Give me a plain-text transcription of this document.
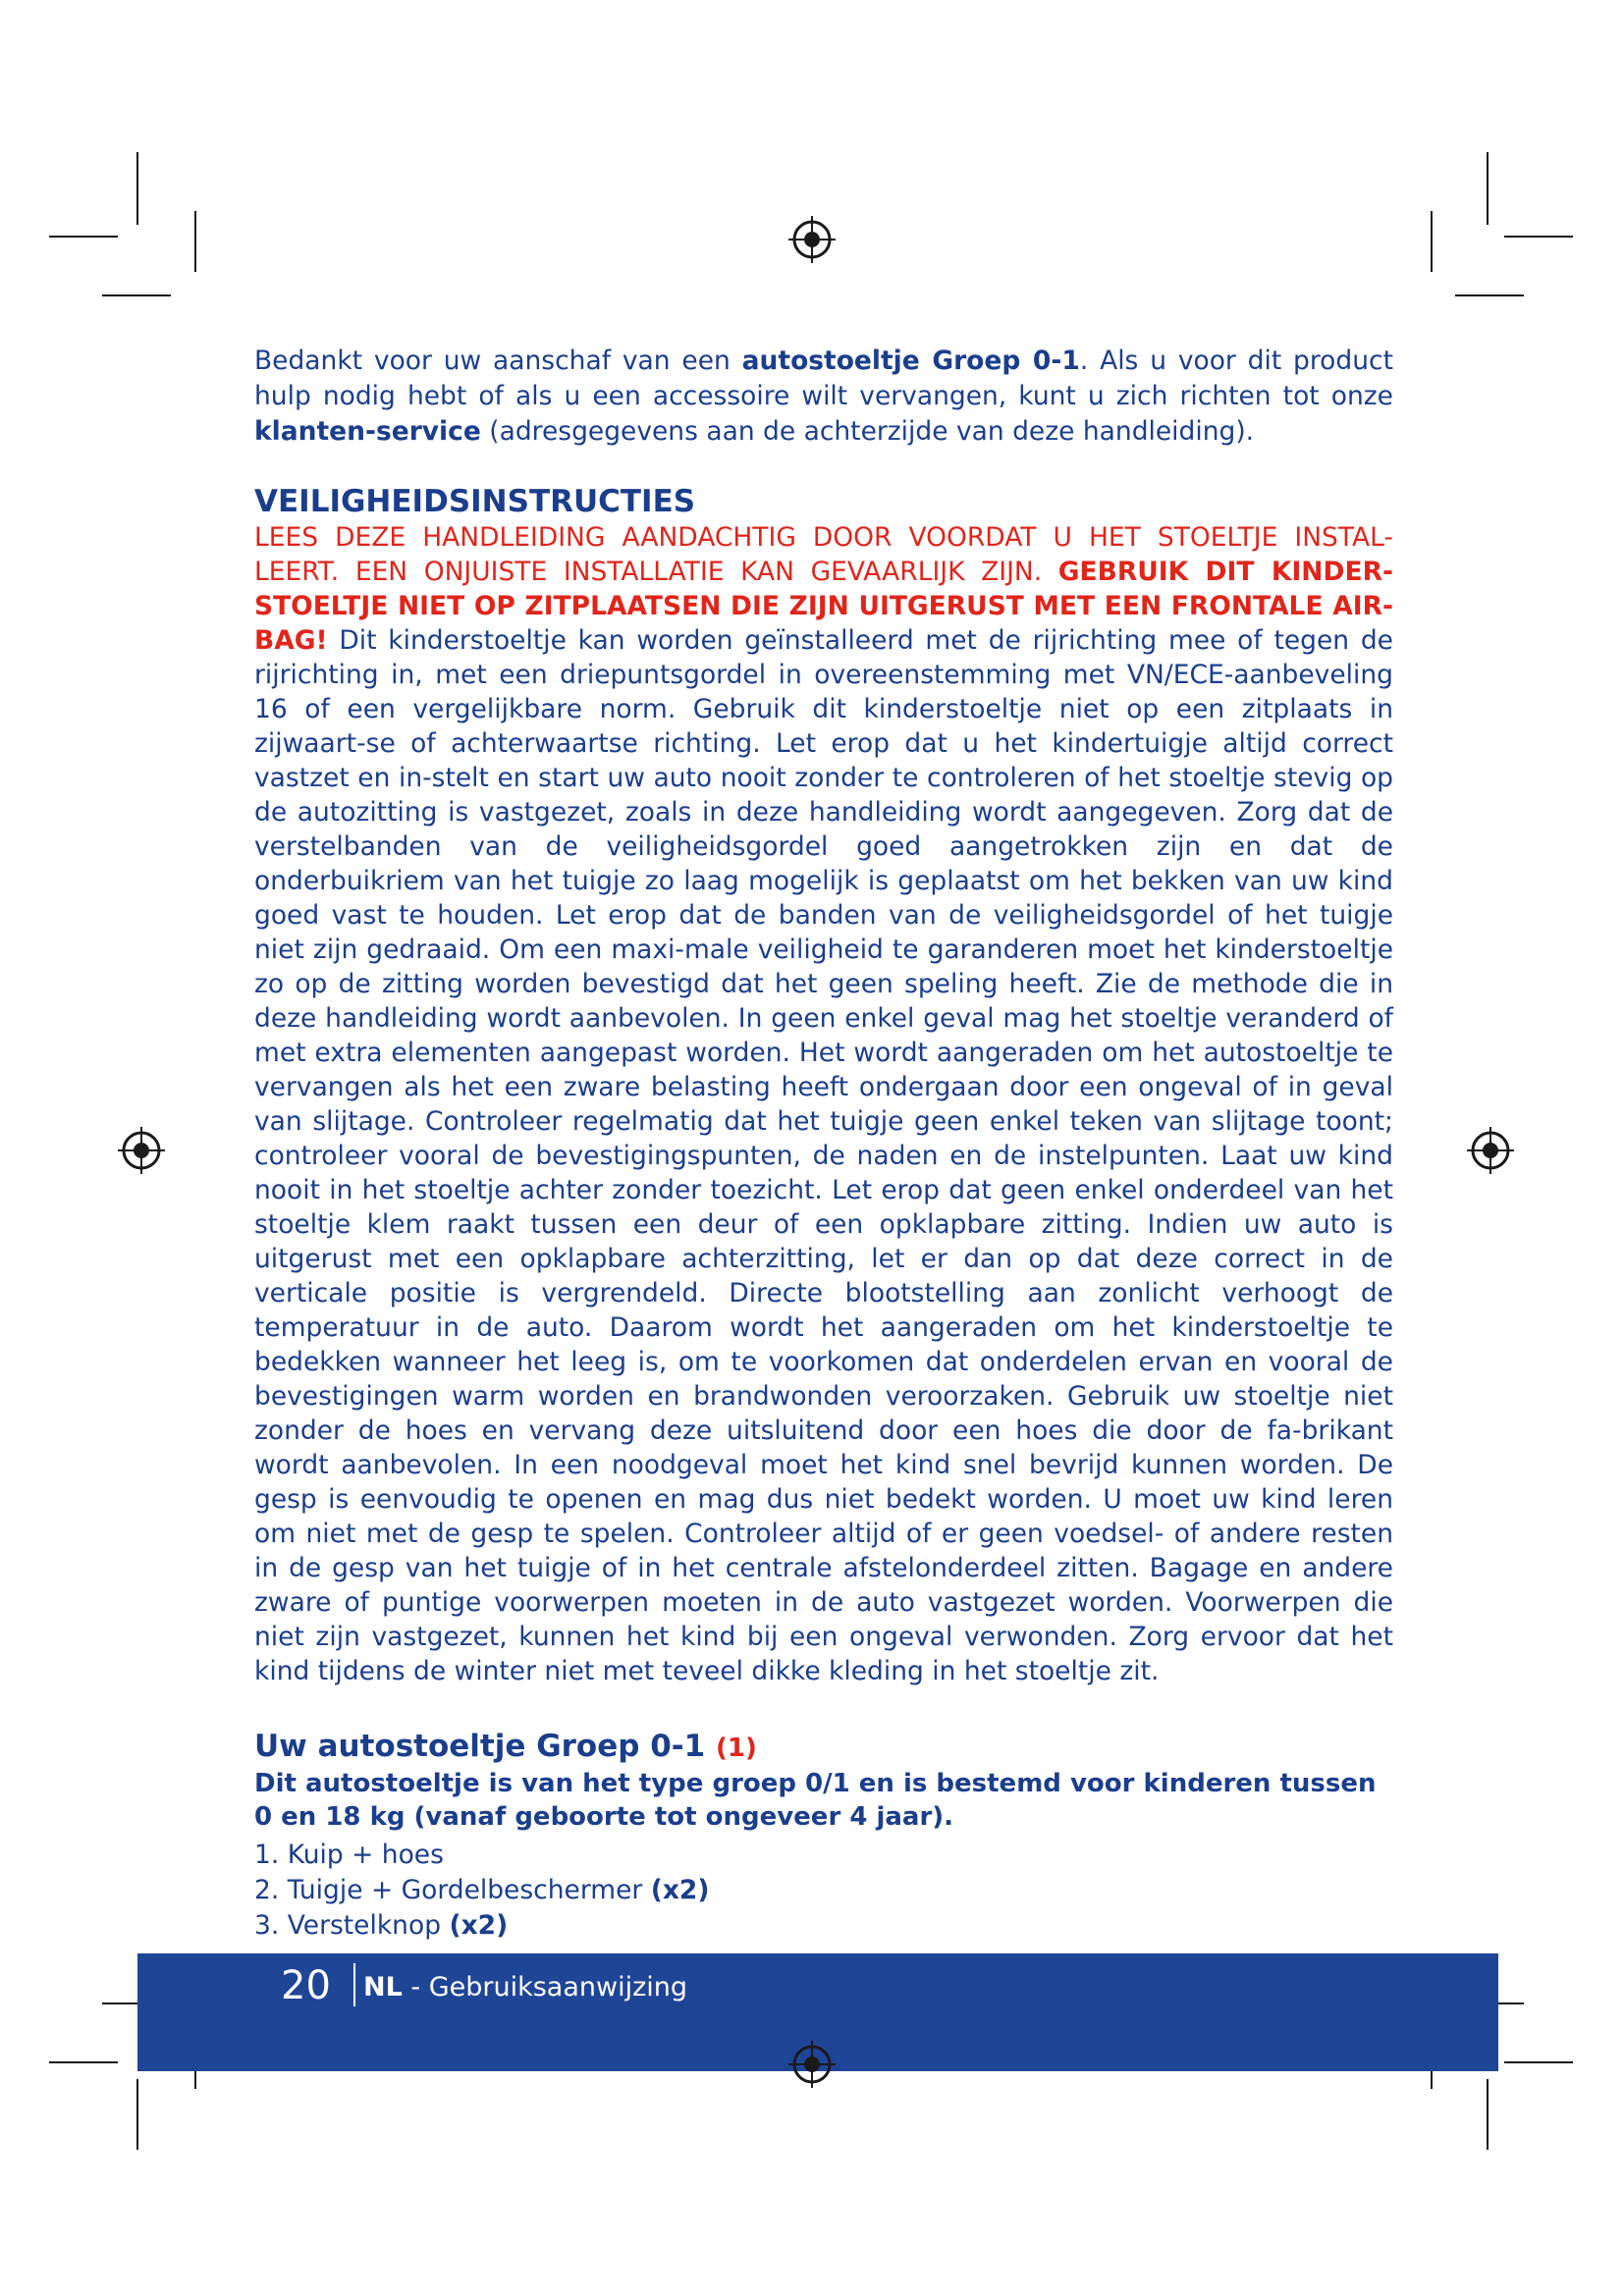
Bedankt voor uw aanschaf van een autostoeltje Groep 0-1. Als u voor dit product hulp nodig hebt of als u een accessoire wilt vervangen, kunt u zich richten tot onze klanten-service (adresgegevens aan de achterzijde van deze handleiding).

VEILIGHEIDSINSTRUCTIES

LEES DEZE HANDLEIDING AANDACHTIG DOOR VOORDAT U HET STOELTJE INSTAL-LEERT. EEN ONJUISTE INSTALLATIE KAN GEVAARLIJK ZIJN. GEBRUIK DIT KINDER-STOELTJE NIET OP ZITPLAATSEN DIE ZIJN UITGERUST MET EEN FRONTALE AIR-BAG! Dit kinderstoeltje kan worden geïnstalleerd met de rijrichting mee of tegen de rijrichting in, met een driepuntsgordel in overeenstemming met VN/ECE-aanbeveling 16 of een vergelijkbare norm. Gebruik dit kinderstoeltje niet op een zitplaats in zijwaart-se of achterwaartse richting. Let erop dat u het kindertuigje altijd correct vastzet en in-stelt en start uw auto nooit zonder te controleren of het stoeltje stevig op de autozitting is vastgezet, zoals in deze handleiding wordt aangegeven. Zorg dat de verstelbanden van de veiligheidsgordel goed aangetrokken zijn en dat de onderbuikriem van het tuigje zo laag mogelijk is geplaatst om het bekken van uw kind goed vast te houden. Let erop dat de banden van de veiligheidsgordel of het tuigje niet zijn gedraaid. Om een maxi-male veiligheid te garanderen moet het kinderstoeltje zo op de zitting worden bevestigd dat het geen speling heeft. Zie de methode die in deze handleiding wordt aanbevolen. In geen enkel geval mag het stoeltje veranderd of met extra elementen aangepast worden. Het wordt aangeraden om het autostoeltje te vervangen als het een zware belasting heeft ondergaan door een ongeval of in geval van slijtage. Controleer regelmatig dat het tuigje geen enkel teken van slijtage toont; controleer vooral de bevestigingspunten, de naden en de instelpunten. Laat uw kind nooit in het stoeltje achter zonder toezicht. Let erop dat geen enkel onderdeel van het stoeltje klem raakt tussen een deur of een opklapbare zitting. Indien uw auto is uitgerust met een opklapbare achterzitting, let er dan op dat deze correct in de verticale positie is vergrendeld. Directe blootstelling aan zonlicht verhoogt de temperatuur in de auto. Daarom wordt het aangeraden om het kinderstoeltje te bedekken wanneer het leeg is, om te voorkomen dat onderdelen ervan en vooral de bevestigingen warm worden en brandwonden veroorzaken. Gebruik uw stoeltje niet zonder de hoes en vervang deze uitsluitend door een hoes die door de fa-brikant wordt aanbevolen. In een noodgeval moet het kind snel bevrijd kunnen worden. De gesp is eenvoudig te openen en mag dus niet bedekt worden. U moet uw kind leren om niet met de gesp te spelen. Controleer altijd of er geen voedsel- of andere resten in de gesp van het tuigje of in het centrale afstelonderdeel zitten. Bagage en andere zware of puntige voorwerpen moeten in de auto vastgezet worden. Voorwerpen die niet zijn vastgezet, kunnen het kind bij een ongeval verwonden. Zorg ervoor dat het kind tijdens de winter niet met teveel dikke kleding in het stoeltje zit.

Uw autostoeltje Groep 0-1 (1)

Dit autostoeltje is van het type groep 0/1 en is bestemd voor kinderen tussen 0 en 18 kg (vanaf geboorte tot ongeveer 4 jaar).

1. Kuip + hoes
2. Tuigje + Gordelbeschermer (x2)
3. Verstelknop (x2)
20 NL - Gebruiksaanwijzing
